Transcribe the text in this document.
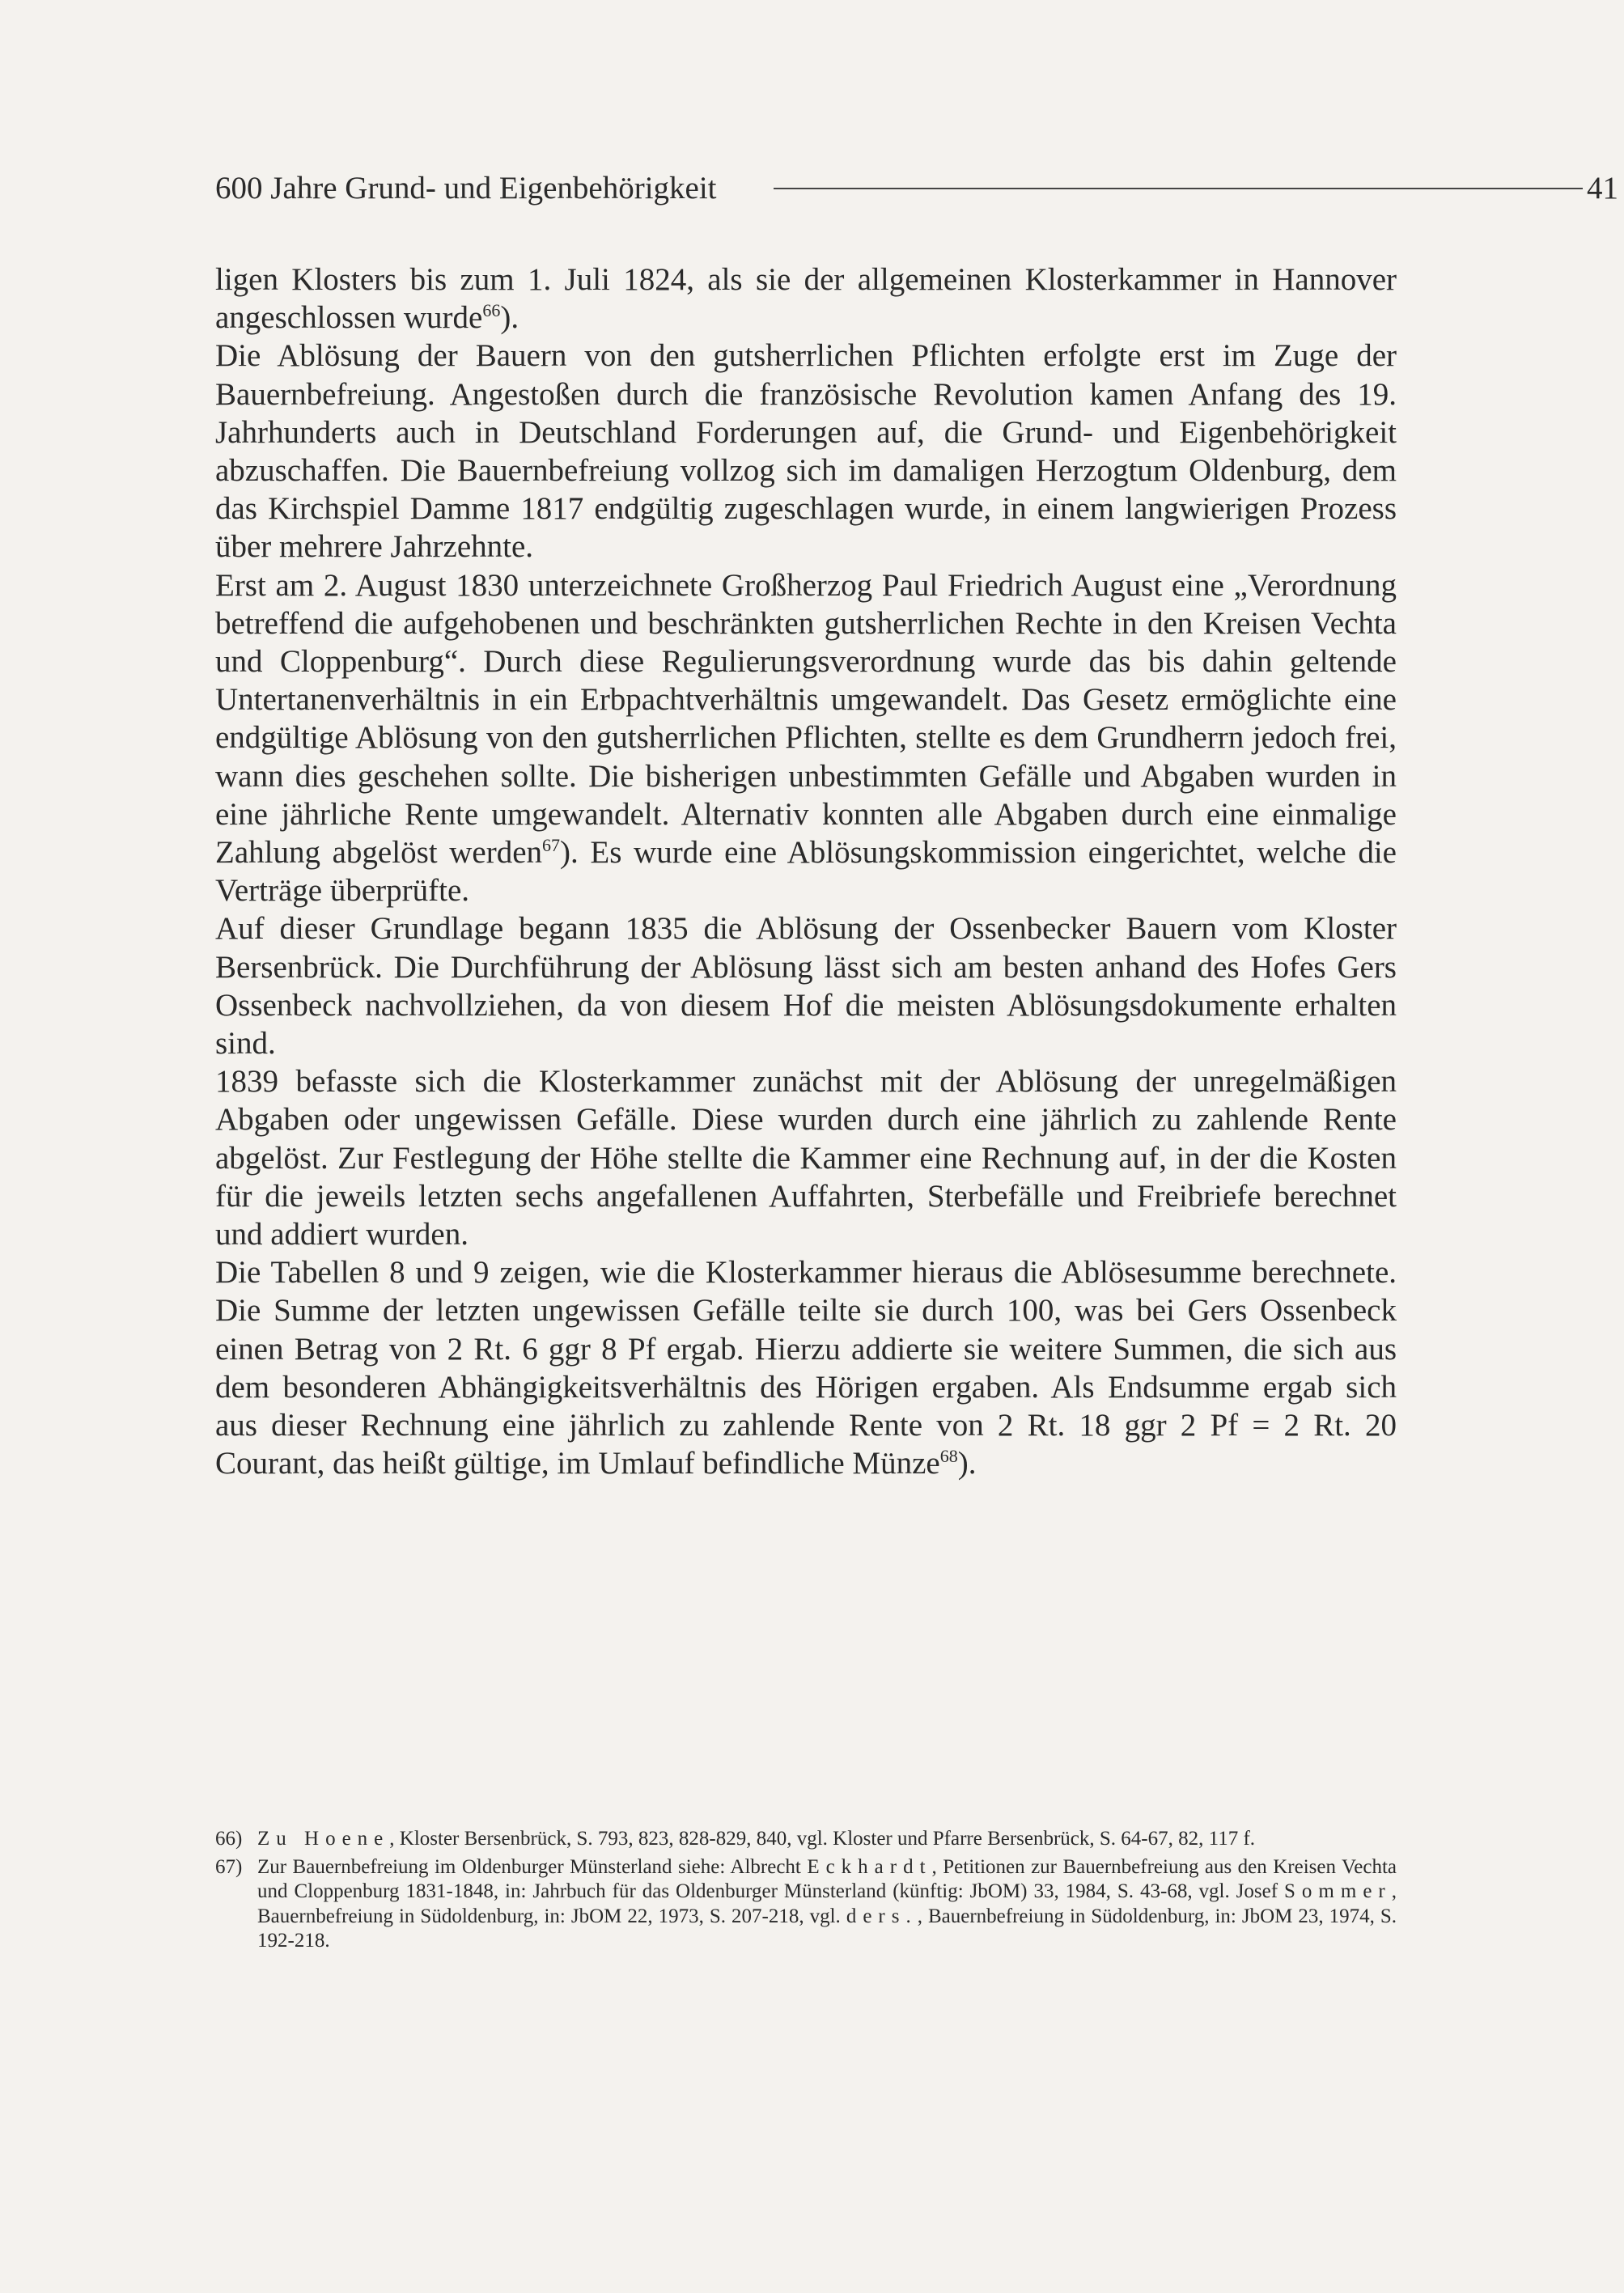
600 Jahre Grund- und Eigenbehörigkeit	41

ligen Klosters bis zum 1. Juli 1824, als sie der allgemeinen Klosterkammer in Hannover angeschlossen wurde$^{66}$).

Die Ablösung der Bauern von den gutsherrlichen Pflichten erfolgte erst im Zuge der Bauernbefreiung. Angestoßen durch die französische Revolution kamen Anfang des 19. Jahrhunderts auch in Deutschland Forderungen auf, die Grund- und Eigenbehörigkeit abzuschaffen. Die Bauernbefreiung vollzog sich im damaligen Herzogtum Oldenburg, dem das Kirchspiel Damme 1817 endgültig zugeschlagen wurde, in einem langwierigen Prozess über mehrere Jahrzehnte.

Erst am 2. August 1830 unterzeichnete Großherzog Paul Friedrich August eine „Verordnung betreffend die aufgehobenen und beschränkten gutsherrlichen Rechte in den Kreisen Vechta und Cloppenburg“. Durch diese Regulierungsverordnung wurde das bis dahin geltende Untertanenverhältnis in ein Erbpachtverhältnis umgewandelt. Das Gesetz ermöglichte eine endgültige Ablösung von den gutsherrlichen Pflichten, stellte es dem Grundherrn jedoch frei, wann dies geschehen sollte. Die bisherigen unbestimmten Gefälle und Abgaben wurden in eine jährliche Rente umgewandelt. Alternativ konnten alle Abgaben durch eine einmalige Zahlung abgelöst werden$^{67}$). Es wurde eine Ablösungskommission eingerichtet, welche die Verträge überprüfte.

Auf dieser Grundlage begann 1835 die Ablösung der Ossenbecker Bauern vom Kloster Bersenbrück. Die Durchführung der Ablösung lässt sich am besten anhand des Hofes Gers Ossenbeck nachvollziehen, da von diesem Hof die meisten Ablösungsdokumente erhalten sind.

1839 befasste sich die Klosterkammer zunächst mit der Ablösung der unregelmäßigen Abgaben oder ungewissen Gefälle. Diese wurden durch eine jährlich zu zahlende Rente abgelöst. Zur Festlegung der Höhe stellte die Kammer eine Rechnung auf, in der die Kosten für die jeweils letzten sechs angefallenen Auffahrten, Sterbefälle und Freibriefe berechnet und addiert wurden.

Die Tabellen 8 und 9 zeigen, wie die Klosterkammer hieraus die Ablösesumme berechnete. Die Summe der letzten ungewissen Gefälle teilte sie durch 100, was bei Gers Ossenbeck einen Betrag von 2 Rt. 6 ggr 8 Pf ergab. Hierzu addierte sie weitere Summen, die sich aus dem besonderen Abhängigkeitsverhältnis des Hörigen ergaben. Als Endsumme ergab sich aus dieser Rechnung eine jährlich zu zahlende Rente von 2 Rt. 18 ggr 2 Pf = 2 Rt. 20 Courant, das heißt gültige, im Umlauf befindliche Münze$^{68}$).

66) Zu Hoene, Kloster Bersenbrück, S. 793, 823, 828-829, 840, vgl. Kloster und Pfarre Bersenbrück, S. 64-67, 82, 117 f.
67) Zur Bauernbefreiung im Oldenburger Münsterland siehe: Albrecht Eckhardt, Petitionen zur Bauernbefreiung aus den Kreisen Vechta und Cloppenburg 1831-1848, in: Jahrbuch für das Oldenburger Münsterland (künftig: JbOM) 33, 1984, S. 43-68, vgl. Josef Sommer, Bauernbefreiung in Südoldenburg, in: JbOM 22, 1973, S. 207-218, vgl. ders., Bauernbefreiung in Südoldenburg, in: JbOM 23, 1974, S. 192-218.
